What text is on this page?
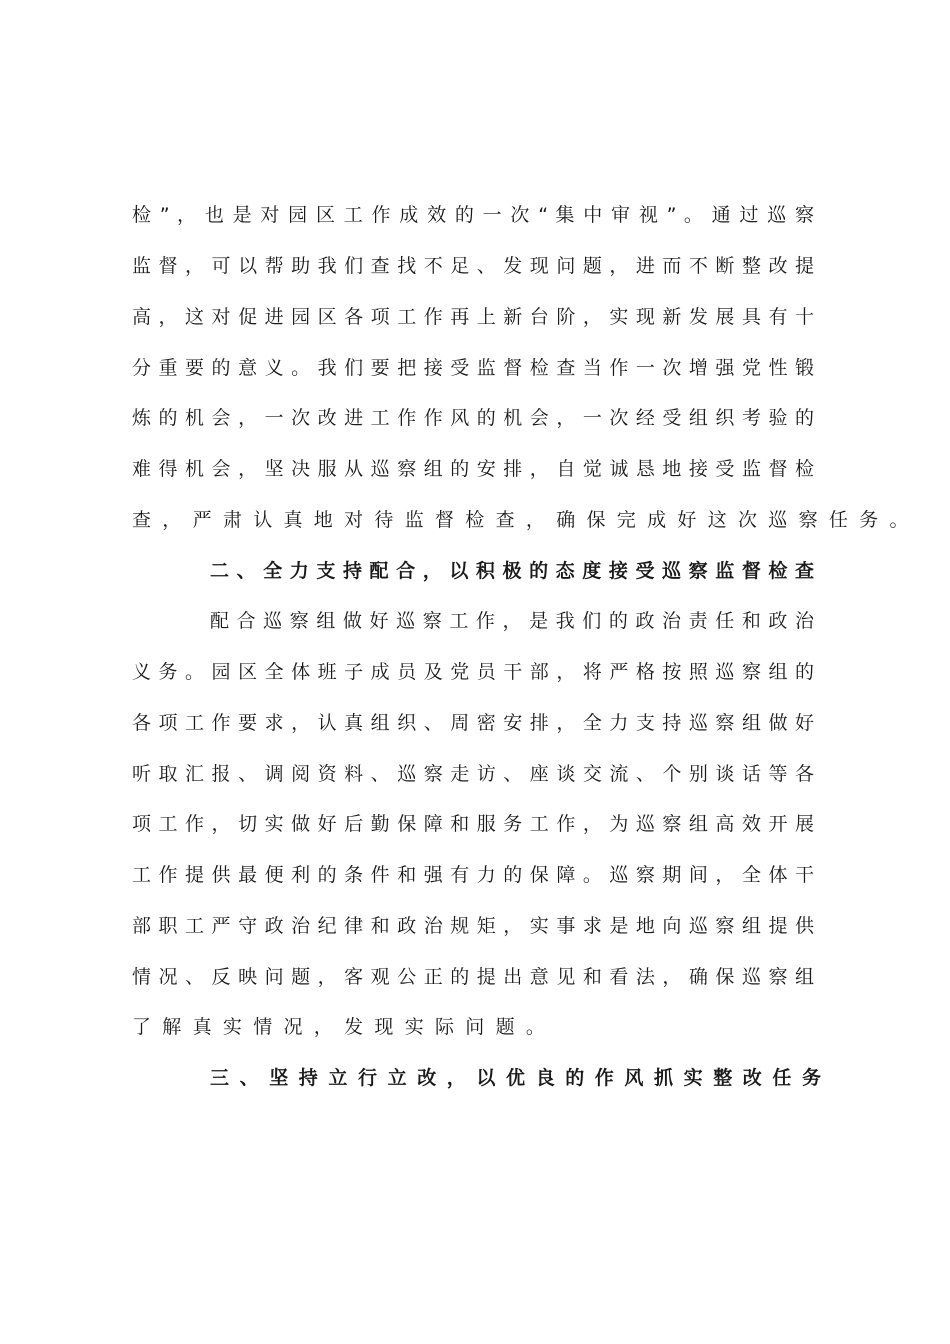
检 ” ， 也 是 对 园 区 工 作 成 效 的 一 次 “ 集 中 审 视 ” 。 通 过 巡 察
监 督 ， 可 以 帮 助 我 们 查 找 不 足 、 发 现 问 题 ， 进 而 不 断 整 改 提
高 ， 这 对 促 进 园 区 各 项 工 作 再 上 新 台 阶 ， 实 现 新 发 展 具 有 十
分 重 要 的 意 义 。 我 们 要 把 接 受 监 督 检 查 当 作 一 次 增 强 党 性 锻
炼 的 机 会 ， 一 次 改 进 工 作 作 风 的 机 会 ， 一 次 经 受 组 织 考 验 的
难 得 机 会 ， 坚 决 服 从 巡 察 组 的 安 排 ， 自 觉 诚 恳 地 接 受 监 督 检
查，严肃认真地对待监督检查，确保完成好这次巡察任务。
二 、 全 力 支 持 配 合 ， 以 积 极 的 态 度 接 受 巡 察 监 督 检 查
配 合 巡 察 组 做 好 巡 察 工 作 ， 是 我 们 的 政 治 责 任 和 政 治
义 务 。 园 区 全 体 班 子 成 员 及 党 员 干 部 ， 将 严 格 按 照 巡 察 组 的
各 项 工 作 要 求 ， 认 真 组 织 、 周 密 安 排 ， 全 力 支 持 巡 察 组 做 好
听 取 汇 报 、 调 阅 资 料 、 巡 察 走 访 、 座 谈 交 流 、 个 别 谈 话 等 各
项 工 作 ， 切 实 做 好 后 勤 保 障 和 服 务 工 作 ， 为 巡 察 组 高 效 开 展
工 作 提 供 最 便 利 的 条 件 和 强 有 力 的 保 障 。 巡 察 期 间 ， 全 体 干
部 职 工 严 守 政 治 纪 律 和 政 治 规 矩 ， 实 事 求 是 地 向 巡 察 组 提 供
情 况 、 反 映 问 题 ， 客 观 公 正 的 提 出 意 见 和 看 法 ， 确 保 巡 察 组
了解真实情况，发现实际问题。
三、坚持立行立改，以优良的作风抓实整改任务
